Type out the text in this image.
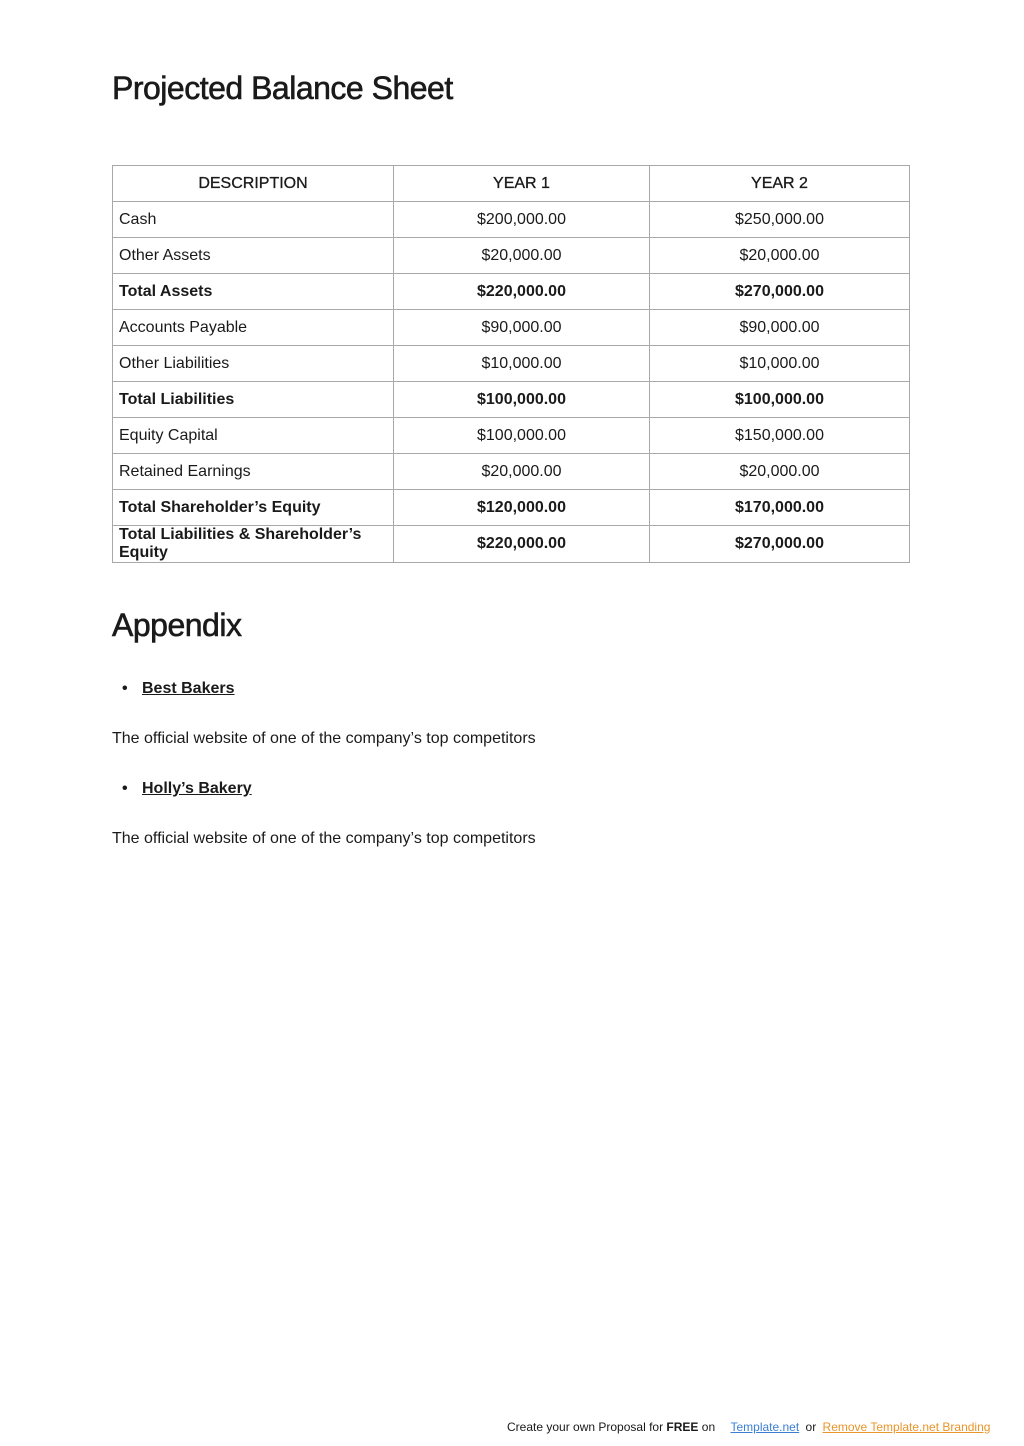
Projected Balance Sheet
DESCRIPTION	YEAR 1	YEAR 2
Cash	$200,000.00	$250,000.00
Other Assets	$20,000.00	$20,000.00
Total Assets	$220,000.00	$270,000.00
Accounts Payable	$90,000.00	$90,000.00
Other Liabilities	$10,000.00	$10,000.00
Total Liabilities	$100,000.00	$100,000.00
Equity Capital	$100,000.00	$150,000.00
Retained Earnings	$20,000.00	$20,000.00
Total Shareholder’s Equity	$120,000.00	$170,000.00
Total Liabilities & Shareholder’s Equity	$220,000.00	$270,000.00
Appendix
• Best Bakers
The official website of one of the company’s top competitors
• Holly’s Bakery
The official website of one of the company’s top competitors
Create your own Proposal for FREE on Template.net or Remove Template.net Branding
